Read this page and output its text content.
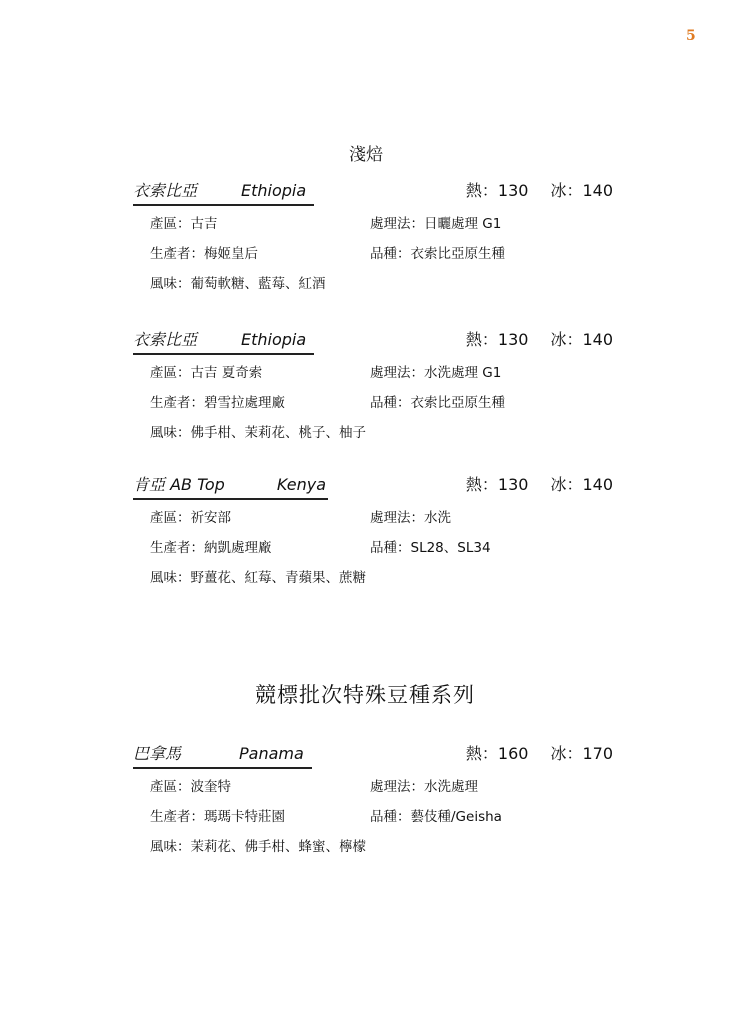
5
淺焙
衣索比亞	Ethiopia	熱：130 冰：140
產區：古吉	處理法：日曬處理 G1
生產者：梅姬皇后	品種：衣索比亞原生種
風味：葡萄軟糖、藍莓、紅酒
衣索比亞	Ethiopia	熱：130 冰：140
產區：古吉 夏奇索	處理法：水洗處理 G1
生產者：碧雪拉處理廠	品種：衣索比亞原生種
風味：佛手柑、茉莉花、桃子、柚子
肯亞 AB Top	Kenya	熱：130 冰：140
產區：祈安部	處理法：水洗
生產者：納凱處理廠	品種：SL28、SL34
風味：野薑花、紅莓、青蘋果、蔗糖
競標批次特殊豆種系列
巴拿馬	Panama	熱：160 冰：170
產區：波奎特	處理法：水洗處理
生產者：瑪瑪卡特莊園	品種：藝伎種/Geisha
風味：茉莉花、佛手柑、蜂蜜、檸檬
